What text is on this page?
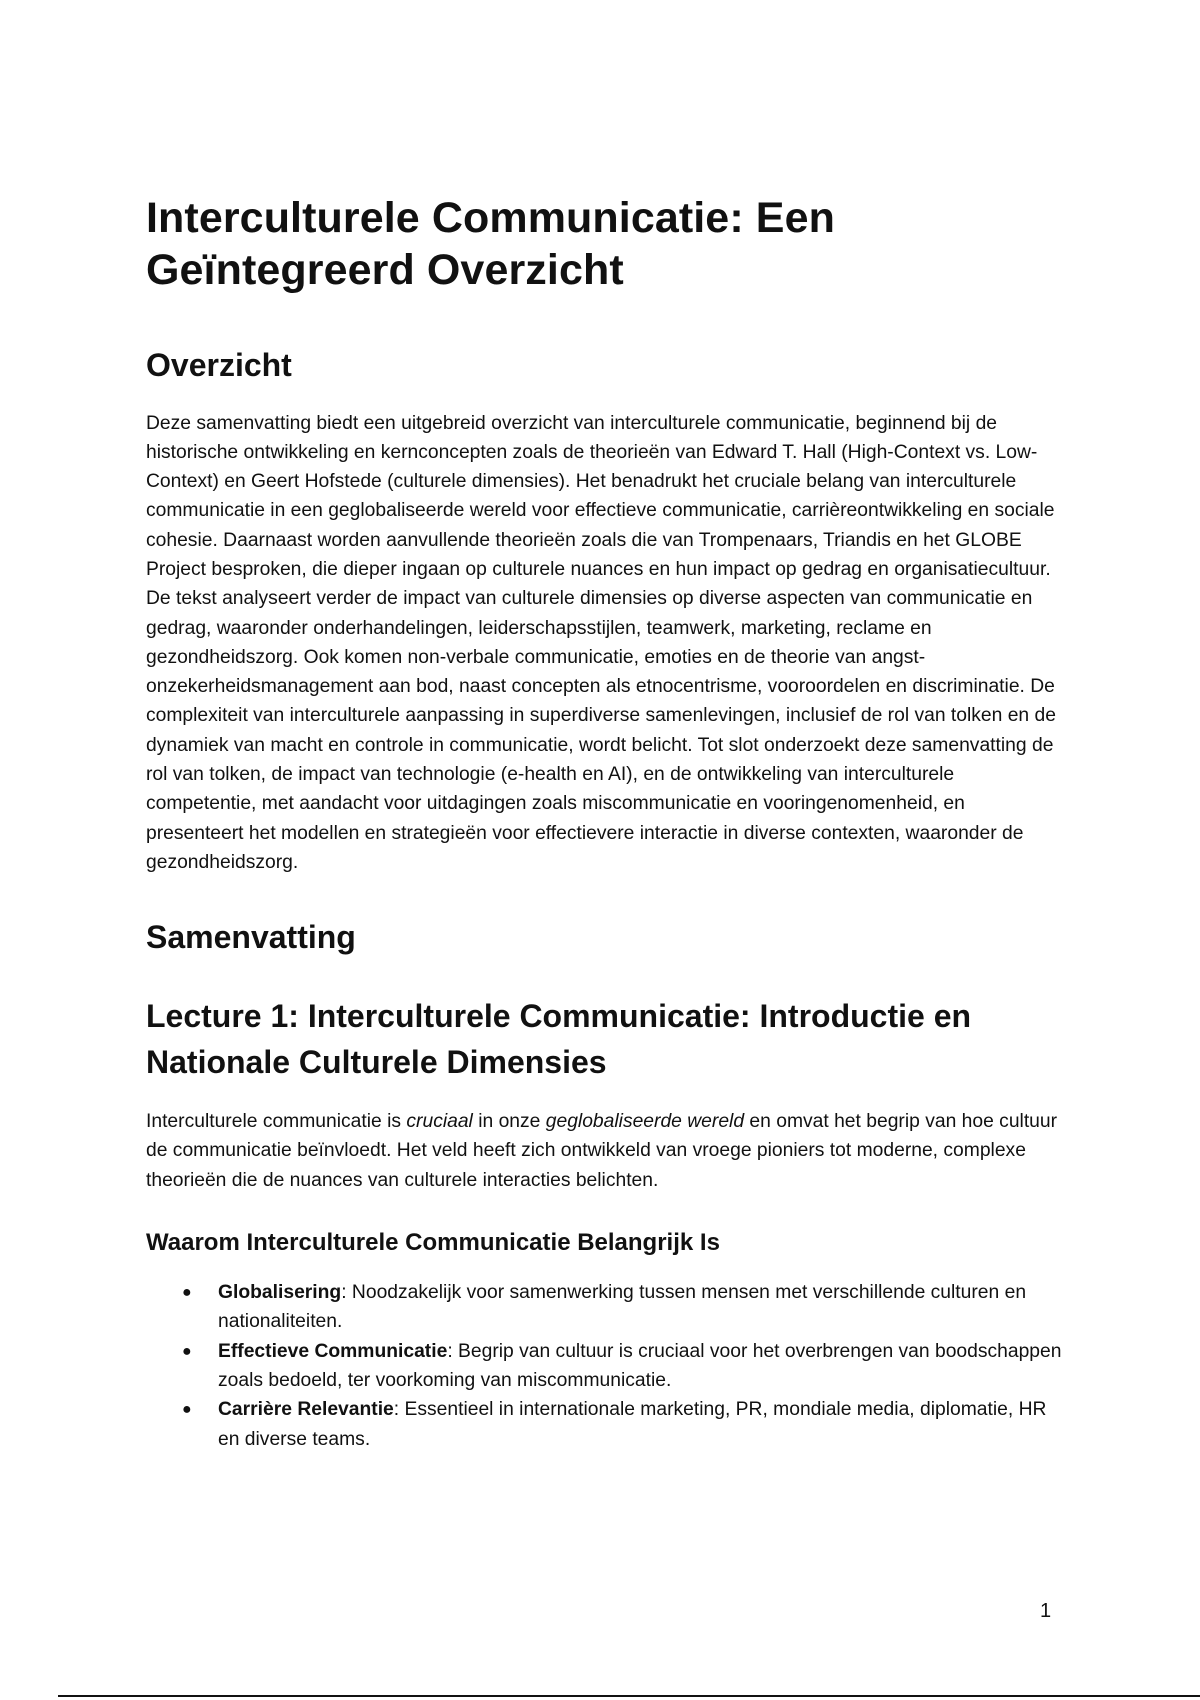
Interculturele Communicatie: Een Geïntegreerd Overzicht
Overzicht

Deze samenvatting biedt een uitgebreid overzicht van interculturele communicatie, beginnend bij de historische ontwikkeling en kernconcepten zoals de theorieën van Edward T. Hall (High-Context vs. Low-Context) en Geert Hofstede (culturele dimensies). Het benadrukt het cruciale belang van interculturele communicatie in een geglobaliseerde wereld voor effectieve communicatie, carrièreontwikkeling en sociale cohesie. Daarnaast worden aanvullende theorieën zoals die van Trompenaars, Triandis en het GLOBE Project besproken, die dieper ingaan op culturele nuances en hun impact op gedrag en organisatiecultuur. De tekst analyseert verder de impact van culturele dimensies op diverse aspecten van communicatie en gedrag, waaronder onderhandelingen, leiderschapsstijlen, teamwerk, marketing, reclame en gezondheidszorg. Ook komen non-verbale communicatie, emoties en de theorie van angst-onzekerheidsmanagement aan bod, naast concepten als etnocentrisme, vooroordelen en discriminatie. De complexiteit van interculturele aanpassing in superdiverse samenlevingen, inclusief de rol van tolken en de dynamiek van macht en controle in communicatie, wordt belicht. Tot slot onderzoekt deze samenvatting de rol van tolken, de impact van technologie (e-health en AI), en de ontwikkeling van interculturele competentie, met aandacht voor uitdagingen zoals miscommunicatie en vooringenomenheid, en presenteert het modellen en strategieën voor effectievere interactie in diverse contexten, waaronder de gezondheidszorg.

Samenvatting
Lecture 1: Interculturele Communicatie: Introductie en Nationale Culturele Dimensies

Interculturele communicatie is cruciaal in onze geglobaliseerde wereld en omvat het begrip van hoe cultuur de communicatie beïnvloedt. Het veld heeft zich ontwikkeld van vroege pioniers tot moderne, complexe theorieën die de nuances van culturele interacties belichten.

Waarom Interculturele Communicatie Belangrijk Is
● Globalisering: Noodzakelijk voor samenwerking tussen mensen met verschillende culturen en nationaliteiten.
● Effectieve Communicatie: Begrip van cultuur is cruciaal voor het overbrengen van boodschappen zoals bedoeld, ter voorkoming van miscommunicatie.
● Carrière Relevantie: Essentieel in internationale marketing, PR, mondiale media, diplomatie, HR en diverse teams.
1
